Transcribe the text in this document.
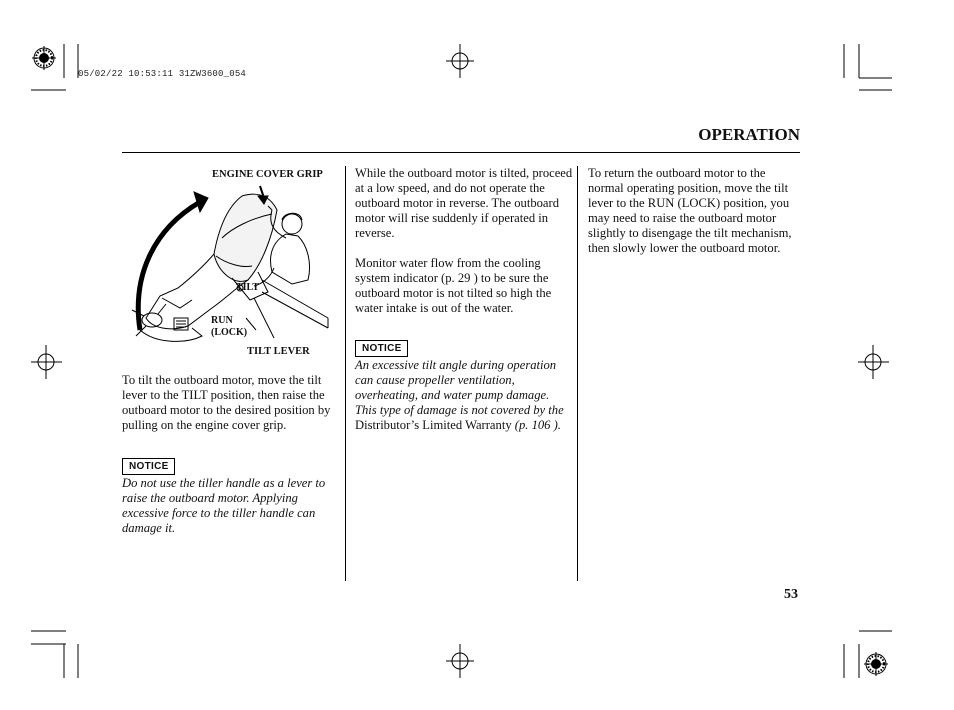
05/02/22 10:53:11 31ZW3600_054
OPERATION
ENGINE COVER GRIP
TILT
RUN
(LOCK)
TILT LEVER
To tilt the outboard motor, move the tilt lever to the TILT position, then raise the outboard motor to the desired position by pulling on the engine cover grip.
NOTICE
Do not use the tiller handle as a lever to raise the outboard motor. Applying excessive force to the tiller handle can damage it.
While the outboard motor is tilted, proceed at a low speed, and do not operate the outboard motor in reverse. The outboard motor will rise suddenly if operated in reverse.
Monitor water flow from the cooling system indicator (p. 29 ) to be sure the outboard motor is not tilted so high the water intake is out of the water.
NOTICE
An excessive tilt angle during operation can cause propeller ventilation, overheating, and water pump damage. This type of damage is not covered by the Distributor’s Limited Warranty (p. 106 ).
To return the outboard motor to the normal operating position, move the tilt lever to the RUN (LOCK) position, you may need to raise the outboard motor slightly to disengage the tilt mechanism, then slowly lower the outboard motor.
53
